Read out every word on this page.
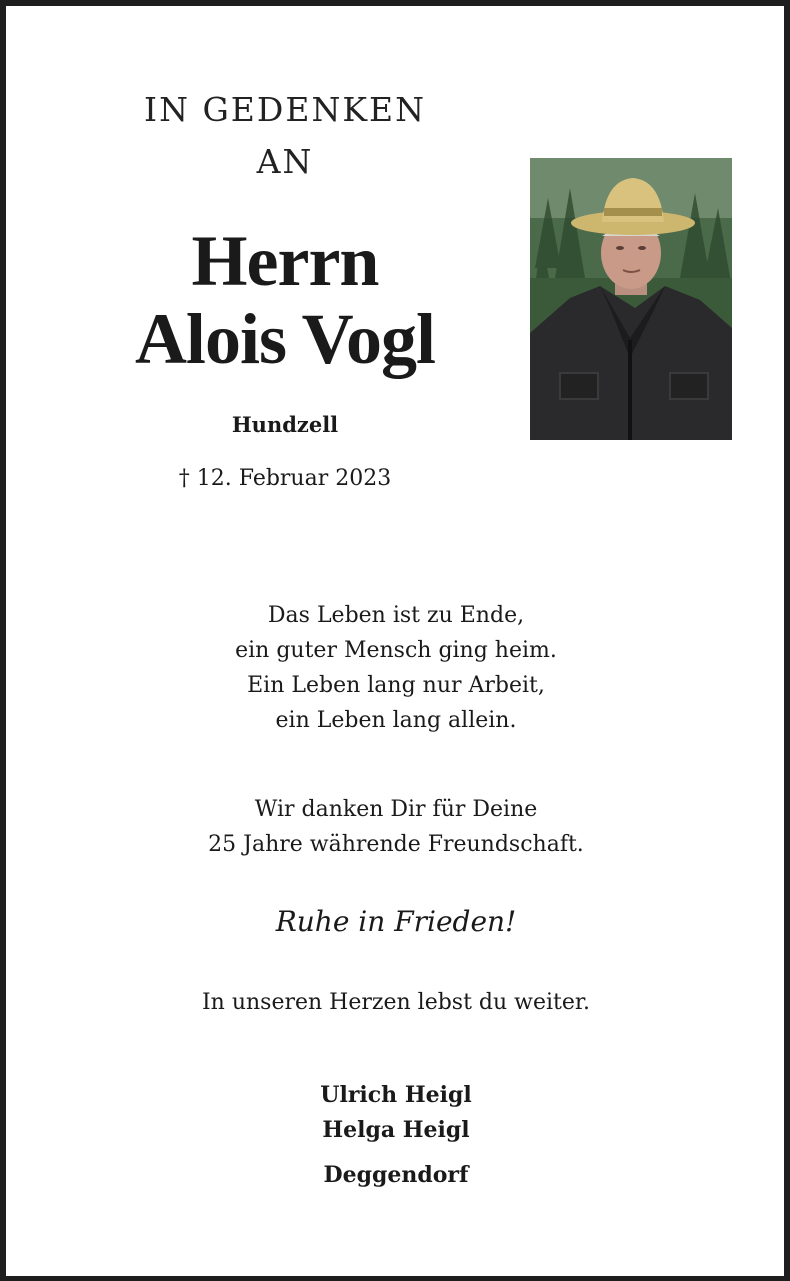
IN GEDENKEN
AN
Herrn
Alois Vogl
Hundzell
† 12. Februar 2023
Das Leben ist zu Ende,
ein guter Mensch ging heim.
Ein Leben lang nur Arbeit,
ein Leben lang allein.
Wir danken Dir für Deine
25 Jahre währende Freundschaft.
Ruhe in Frieden!
In unseren Herzen lebst du weiter.
Ulrich Heigl
Helga Heigl
Deggendorf
